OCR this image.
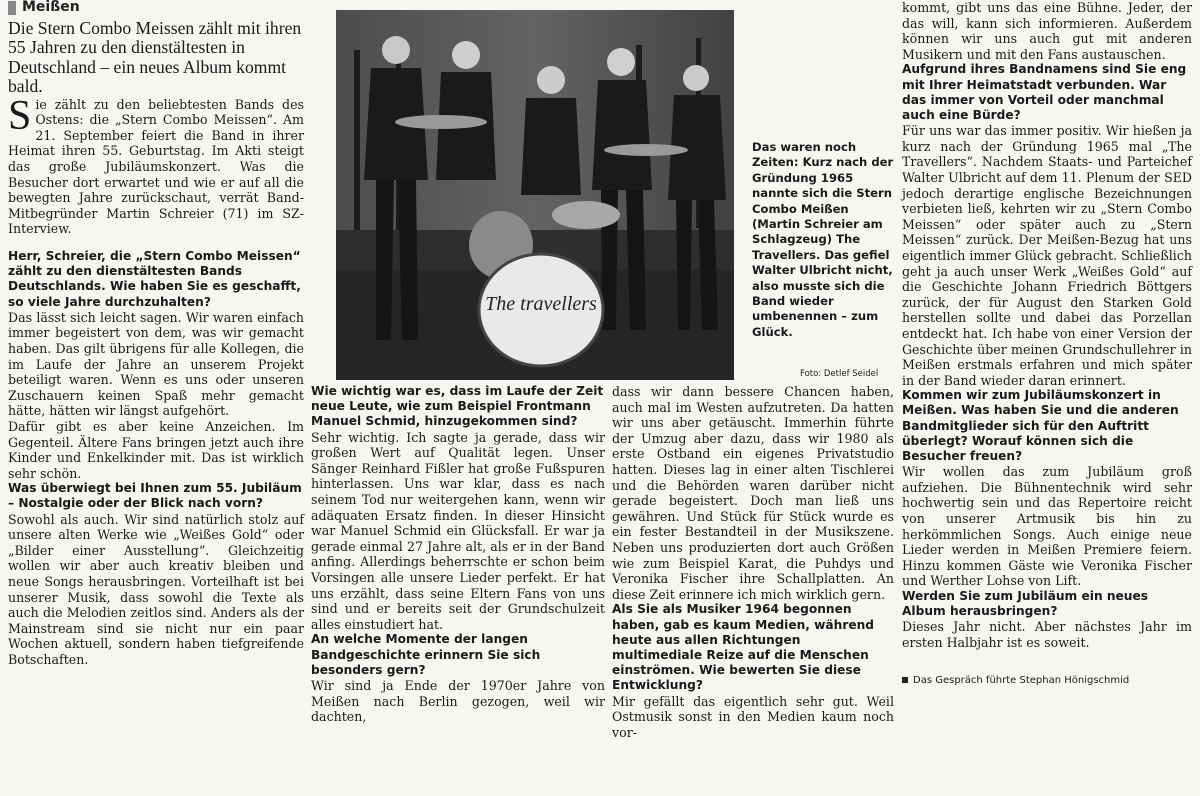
Meißen
Die Stern Combo Meissen zählt mit ihren 55 Jahren zu den dienstältesten in Deutschland – ein neues Album kommt bald.

S ie zählt zu den beliebtesten Bands des Ostens: die „Stern Combo Meissen“. Am 21. September feiert die Band in ihrer Heimat ihren 55. Geburtstag. Im Akti steigt das große Jubiläumskonzert. Was die Besucher dort erwartet und wie er auf all die bewegten Jahre zurückschaut, verrät Band-Mitbegründer Martin Schreier (71) im SZ-Interview.

Herr, Schreier, die „Stern Combo Meissen“ zählt zu den dienstältesten Bands Deutschlands. Wie haben Sie es geschafft, so viele Jahre durchzuhalten?

Das lässt sich leicht sagen. Wir waren einfach immer begeistert von dem, was wir gemacht haben. Das gilt übrigens für alle Kollegen, die im Laufe der Jahre an unserem Projekt beteiligt waren. Wenn es uns oder unseren Zuschauern keinen Spaß mehr gemacht hätte, hätten wir längst aufgehört.

Dafür gibt es aber keine Anzeichen. Im Gegenteil. Ältere Fans bringen jetzt auch ihre Kinder und Enkelkinder mit. Das ist wirklich sehr schön.

Was überwiegt bei Ihnen zum 55. Jubiläum – Nostalgie oder der Blick nach vorn?

Sowohl als auch. Wir sind natürlich stolz auf unsere alten Werke wie „Weißes Gold“ oder „Bilder einer Ausstellung“. Gleichzeitig wollen wir aber auch kreativ bleiben und neue Songs herausbringen. Vorteilhaft ist bei unserer Musik, dass sowohl die Texte als auch die Melodien zeitlos sind. Anders als der Mainstream sind sie nicht nur ein paar Wochen aktuell, sondern haben tiefgreifende Botschaften.

The travellers
Das waren noch Zeiten: Kurz nach der Gründung 1965 nannte sich die Stern Combo Meißen (Martin Schreier am Schlagzeug) The Travellers. Das gefiel Walter Ulbricht nicht, also musste sich die Band wieder umbenennen – zum Glück.
Foto: Detlef Seidel

Wie wichtig war es, dass im Laufe der Zeit neue Leute, wie zum Beispiel Frontmann Manuel Schmid, hinzugekommen sind?

Sehr wichtig. Ich sagte ja gerade, dass wir großen Wert auf Qualität legen. Unser Sänger Reinhard Fißler hat große Fußspuren hinterlassen. Uns war klar, dass es nach seinem Tod nur weitergehen kann, wenn wir adäquaten Ersatz finden. In dieser Hinsicht war Manuel Schmid ein Glücksfall. Er war ja gerade einmal 27 Jahre alt, als er in der Band anfing. Allerdings beherrschte er schon beim Vorsingen alle unsere Lieder perfekt. Er hat uns erzählt, dass seine Eltern Fans von uns sind und er bereits seit der Grundschulzeit alles einstudiert hat.

An welche Momente der langen Bandgeschichte erinnern Sie sich besonders gern?

Wir sind ja Ende der 1970er Jahre von Meißen nach Berlin gezogen, weil wir dachten,

dass wir dann bessere Chancen haben, auch mal im Westen aufzutreten. Da hatten wir uns aber getäuscht. Immerhin führte der Umzug aber dazu, dass wir 1980 als erste Ostband ein eigenes Privatstudio hatten. Dieses lag in einer alten Tischlerei und die Behörden waren darüber nicht gerade begeistert. Doch man ließ uns gewähren. Und Stück für Stück wurde es ein fester Bestandteil in der Musikszene. Neben uns produzierten dort auch Größen wie zum Beispiel Karat, die Puhdys und Veronika Fischer ihre Schallplatten. An diese Zeit erinnere ich mich wirklich gern.

Als Sie als Musiker 1964 begonnen haben, gab es kaum Medien, während heute aus allen Richtungen multimediale Reize auf die Menschen einströmen. Wie bewerten Sie diese Entwicklung?

Mir gefällt das eigentlich sehr gut. Weil Ostmusik sonst in den Medien kaum noch vor-

kommt, gibt uns das eine Bühne. Jeder, der das will, kann sich informieren. Außerdem können wir uns auch gut mit anderen Musikern und mit den Fans austauschen.

Aufgrund ihres Bandnamens sind Sie eng mit Ihrer Heimatstadt verbunden. War das immer von Vorteil oder manchmal auch eine Bürde?

Für uns war das immer positiv. Wir hießen ja kurz nach der Gründung 1965 mal „The Travellers“. Nachdem Staats- und Parteichef Walter Ulbricht auf dem 11. Plenum der SED jedoch derartige englische Bezeichnungen verbieten ließ, kehrten wir zu „Stern Combo Meissen“ oder später auch zu „Stern Meissen“ zurück. Der Meißen-Bezug hat uns eigentlich immer Glück gebracht. Schließlich geht ja auch unser Werk „Weißes Gold“ auf die Geschichte Johann Friedrich Böttgers zurück, der für August den Starken Gold herstellen sollte und dabei das Porzellan entdeckt hat. Ich habe von einer Version der Geschichte über meinen Grundschullehrer in Meißen erstmals erfahren und mich später in der Band wieder daran erinnert.

Kommen wir zum Jubiläumskonzert in Meißen. Was haben Sie und die anderen Bandmitglieder sich für den Auftritt überlegt? Worauf können sich die Besucher freuen?

Wir wollen das zum Jubiläum groß aufziehen. Die Bühnentechnik wird sehr hochwertig sein und das Repertoire reicht von unserer Artmusik bis hin zu herkömmlichen Songs. Auch einige neue Lieder werden in Meißen Premiere feiern. Hinzu kommen Gäste wie Veronika Fischer und Werther Lohse von Lift.

Werden Sie zum Jubiläum ein neues Album herausbringen?

Dieses Jahr nicht. Aber nächstes Jahr im ersten Halbjahr ist es soweit.

Das Gespräch führte Stephan Hönigschmid
